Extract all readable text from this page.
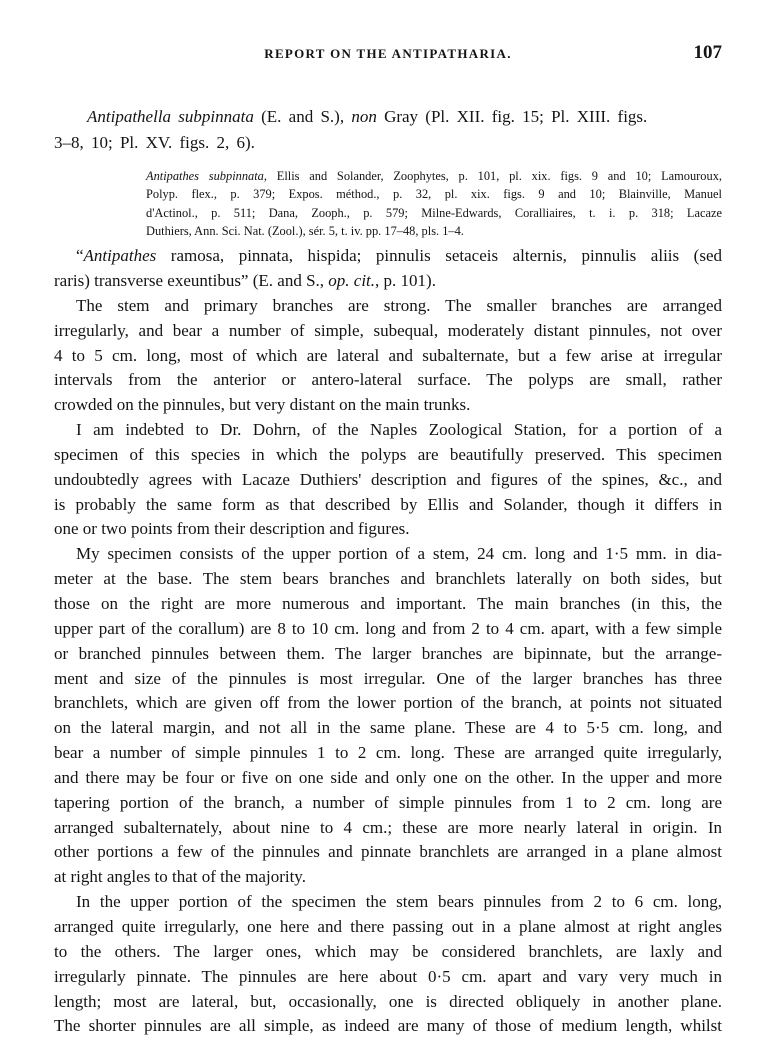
REPORT ON THE ANTIPATHARIA.	107

Antipathella subpinnata (E. and S.), non Gray (Pl. XII. fig. 15; Pl. XIII. figs.
3–8, 10; Pl. XV. figs. 2, 6).

Antipathes subpinnata, Ellis and Solander, Zoophytes, p. 101, pl. xix. figs. 9 and 10; Lamouroux,
Polyp. flex., p. 379; Expos. méthod., p. 32, pl. xix. figs. 9 and 10; Blainville, Manuel
d'Actinol., p. 511; Dana, Zooph., p. 579; Milne-Edwards, Coralliaires, t. i. p. 318; Lacaze
Duthiers, Ann. Sci. Nat. (Zool.), sér. 5, t. iv. pp. 17–48, pls. 1–4.

“Antipathes ramosa, pinnata, hispida; pinnulis setaceis alternis, pinnulis aliis (sed
raris) transverse exeuntibus” (E. and S., op. cit., p. 101).

The stem and primary branches are strong. The smaller branches are arranged
irregularly, and bear a number of simple, subequal, moderately distant pinnules, not over
4 to 5 cm. long, most of which are lateral and subalternate, but a few arise at irregular
intervals from the anterior or antero-lateral surface. The polyps are small, rather
crowded on the pinnules, but very distant on the main trunks.

I am indebted to Dr. Dohrn, of the Naples Zoological Station, for a portion of a
specimen of this species in which the polyps are beautifully preserved. This specimen
undoubtedly agrees with Lacaze Duthiers' description and figures of the spines, &c., and
is probably the same form as that described by Ellis and Solander, though it differs in
one or two points from their description and figures.

My specimen consists of the upper portion of a stem, 24 cm. long and 1·5 mm. in dia-
meter at the base. The stem bears branches and branchlets laterally on both sides, but
those on the right are more numerous and important. The main branches (in this, the
upper part of the corallum) are 8 to 10 cm. long and from 2 to 4 cm. apart, with a few simple
or branched pinnules between them. The larger branches are bipinnate, but the arrange-
ment and size of the pinnules is most irregular. One of the larger branches has three
branchlets, which are given off from the lower portion of the branch, at points not situated
on the lateral margin, and not all in the same plane. These are 4 to 5·5 cm. long, and
bear a number of simple pinnules 1 to 2 cm. long. These are arranged quite irregularly,
and there may be four or five on one side and only one on the other. In the upper and more
tapering portion of the branch, a number of simple pinnules from 1 to 2 cm. long are
arranged subalternately, about nine to 4 cm.; these are more nearly lateral in origin. In
other portions a few of the pinnules and pinnate branchlets are arranged in a plane almost
at right angles to that of the majority.

In the upper portion of the specimen the stem bears pinnules from 2 to 6 cm. long,
arranged quite irregularly, one here and there passing out in a plane almost at right angles
to the others. The larger ones, which may be considered branchlets, are laxly and
irregularly pinnate. The pinnules are here about 0·5 cm. apart and vary very much in
length; most are lateral, but, occasionally, one is directed obliquely in another plane.
The shorter pinnules are all simple, as indeed are many of those of medium length, whilst
